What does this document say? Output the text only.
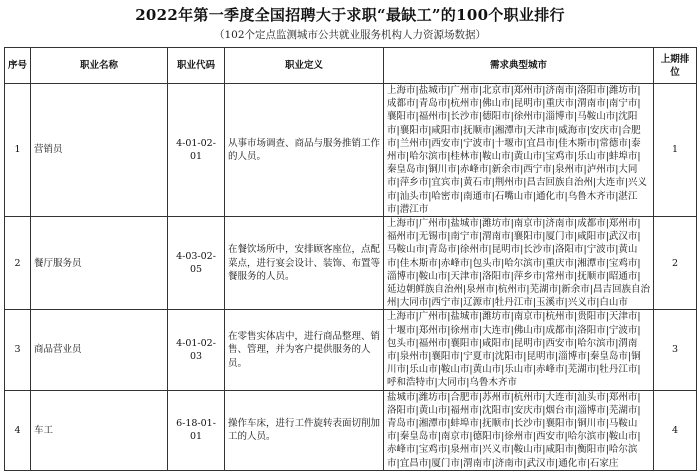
2022年第一季度全国招聘大于求职“最缺工”的100个职业排行
（102个定点监测城市公共就业服务机构人力资源场数据）
序号	职业名称	职业代码	职业定义	需求典型城市	上期排位
1	营销员	4-01-02-01	从事市场调查、商品与服务推销工作的人员。	上海市|盐城市|广州市|北京市|郑州市|济南市|洛阳市|潍坊市|成都市|青岛市|杭州市|佛山市|昆明市|重庆市|渭南市|南宁市|襄阳市|福州市|长沙市|德阳市|徐州市|淄博市|马鞍山市|沈阳市|襄阳市|咸阳市|抚顺市|湘潭市|天津市|威海市|安庆市|合肥市|兰州市|西安市|宁波市|十堰市|宜昌市|佳木斯市|常德市|泰州市|哈尔滨市|桂林市|鞍山市|黄山市|宝鸡市|乐山市|蚌埠市|秦皇岛市|铜川市|赤峰市|新余市|西宁市|泉州市|泸州市|大同市|萍乡市|宜宾市|黄石市|荆州市|昌吉回族自治州|大连市|兴义市|汕头市|哈密市|南通市|石嘴山市|通化市|乌鲁木齐市|湛江市|潜江市	1
2	餐厅服务员	4-03-02-05	在餐饮场所中，安排顾客座位，点配菜点，进行宴会设计、装饰、布置等餐服务的人员。	上海市|广州市|盐城市|潍坊市|南京市|济南市|成都市|郑州市|福州市|无锡市|南宁市|渭南市|襄阳市|厦门市|咸阳市|武汉市|马鞍山市|青岛市|徐州市|昆明市|长沙市|洛阳市|宁波市|黄山市|佳木斯市|赤峰市|包头市|哈尔滨市|重庆市|湘潭市|宝鸡市|淄博市|鞍山市|天津市|洛阳市|萍乡市|常州市|抚顺市|昭通市|延边朝鲜族自治州|泉州市|杭州市|芜湖市|新余市|昌吉回族自治州|大同市|西宁市|辽源市|牡丹江市|玉溪市|兴义市|白山市	2
3	商品营业员	4-01-02-03	在零售实体店中，进行商品整理、销售、管理，并为客户提供服务的人员。	上海市|广州市|盐城市|潍坊市|南京市|杭州市|贵阳市|天津市|十堰市|郑州市|徐州市|大连市|佛山市|成都市|洛阳市|宁波市|包头市|福州市|襄阳市|咸阳市|昆明市|西安市|哈尔滨市|渭南市|泉州市|襄阳市|宁夏市|沈阳市|昆明市|淄博市|秦皇岛市|铜川市|乐山市|鞍山市|黄山市|乐山市|赤峰市|芜湖市|牡丹江市|呼和浩特市|大同市|乌鲁木齐市	3
4	车工	6-18-01-01	操作车床，进行工件旋转表面切削加工的人员。	盐城市|潍坊市|合肥市|苏州市|杭州市|大连市|汕头市|郑州市|洛阳市|黄山市|福州市|沈阳市|安庆市|烟台市|淄博市|芜湖市|青岛市|湘潭市|蚌埠市|抚顺市|长沙市|襄阳市|铜川市|马鞍山市|秦皇岛市|南京市|德阳市|徐州市|西安市|哈尔滨市|鞍山市|赤峰市|宝鸡市|泉州市|兴义市|鞍山市|咸阳市|衡阳市|哈尔滨市|宜昌市|厦门市|渭南市|济南市|武汉市|通化市|石家庄	4
